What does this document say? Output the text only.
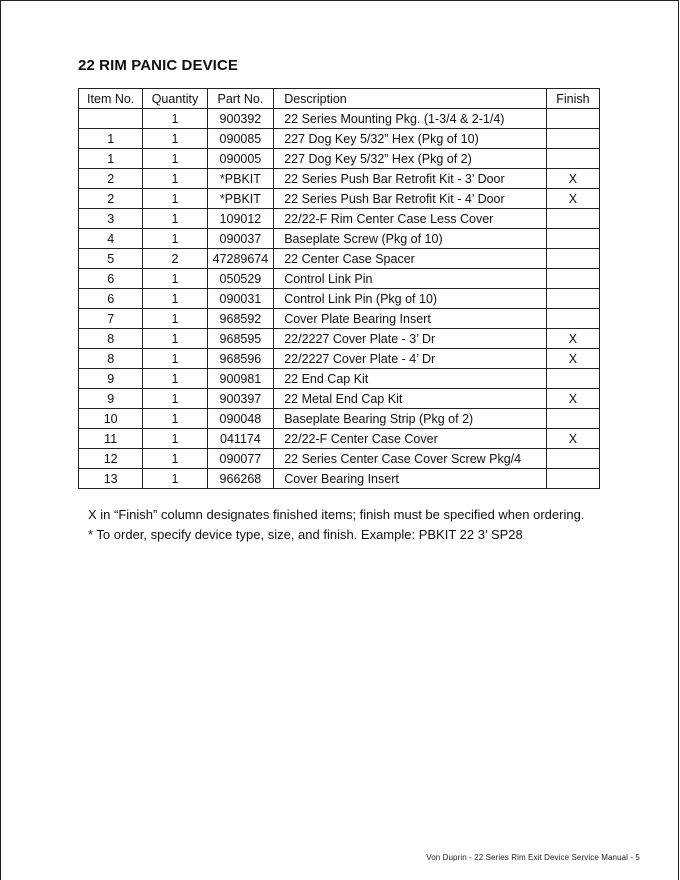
22 RIM PANIC DEVICE
Item No.	Quantity	Part No.	Description	Finish
	1	900392	22 Series Mounting Pkg. (1-3/4 & 2-1/4)	
1	1	090085	227 Dog Key 5/32” Hex (Pkg of 10)	
1	1	090005	227 Dog Key 5/32” Hex (Pkg of 2)	
2	1	*PBKIT	22 Series Push Bar Retrofit Kit - 3’ Door	X
2	1	*PBKIT	22 Series Push Bar Retrofit Kit - 4’ Door	X
3	1	109012	22/22-F Rim Center Case Less Cover	
4	1	090037	Baseplate Screw (Pkg of 10)	
5	2	47289674	22 Center Case Spacer	
6	1	050529	Control Link Pin	
6	1	090031	Control Link Pin (Pkg of 10)	
7	1	968592	Cover Plate Bearing Insert	
8	1	968595	22/2227 Cover Plate - 3’ Dr	X
8	1	968596	22/2227 Cover Plate - 4’ Dr	X
9	1	900981	22 End Cap Kit	
9	1	900397	22 Metal End Cap Kit	X
10	1	090048	Baseplate Bearing Strip (Pkg of 2)	
11	1	041174	22/22-F Center Case Cover	X
12	1	090077	22 Series Center Case Cover Screw Pkg/4	
13	1	966268	Cover Bearing Insert	
X in “Finish” column designates finished items; finish must be specified when ordering.
* To order, specify device type, size, and finish. Example: PBKIT 22 3’ SP28
Von Duprin - 22 Series Rim Exit Device Service Manual - 5
